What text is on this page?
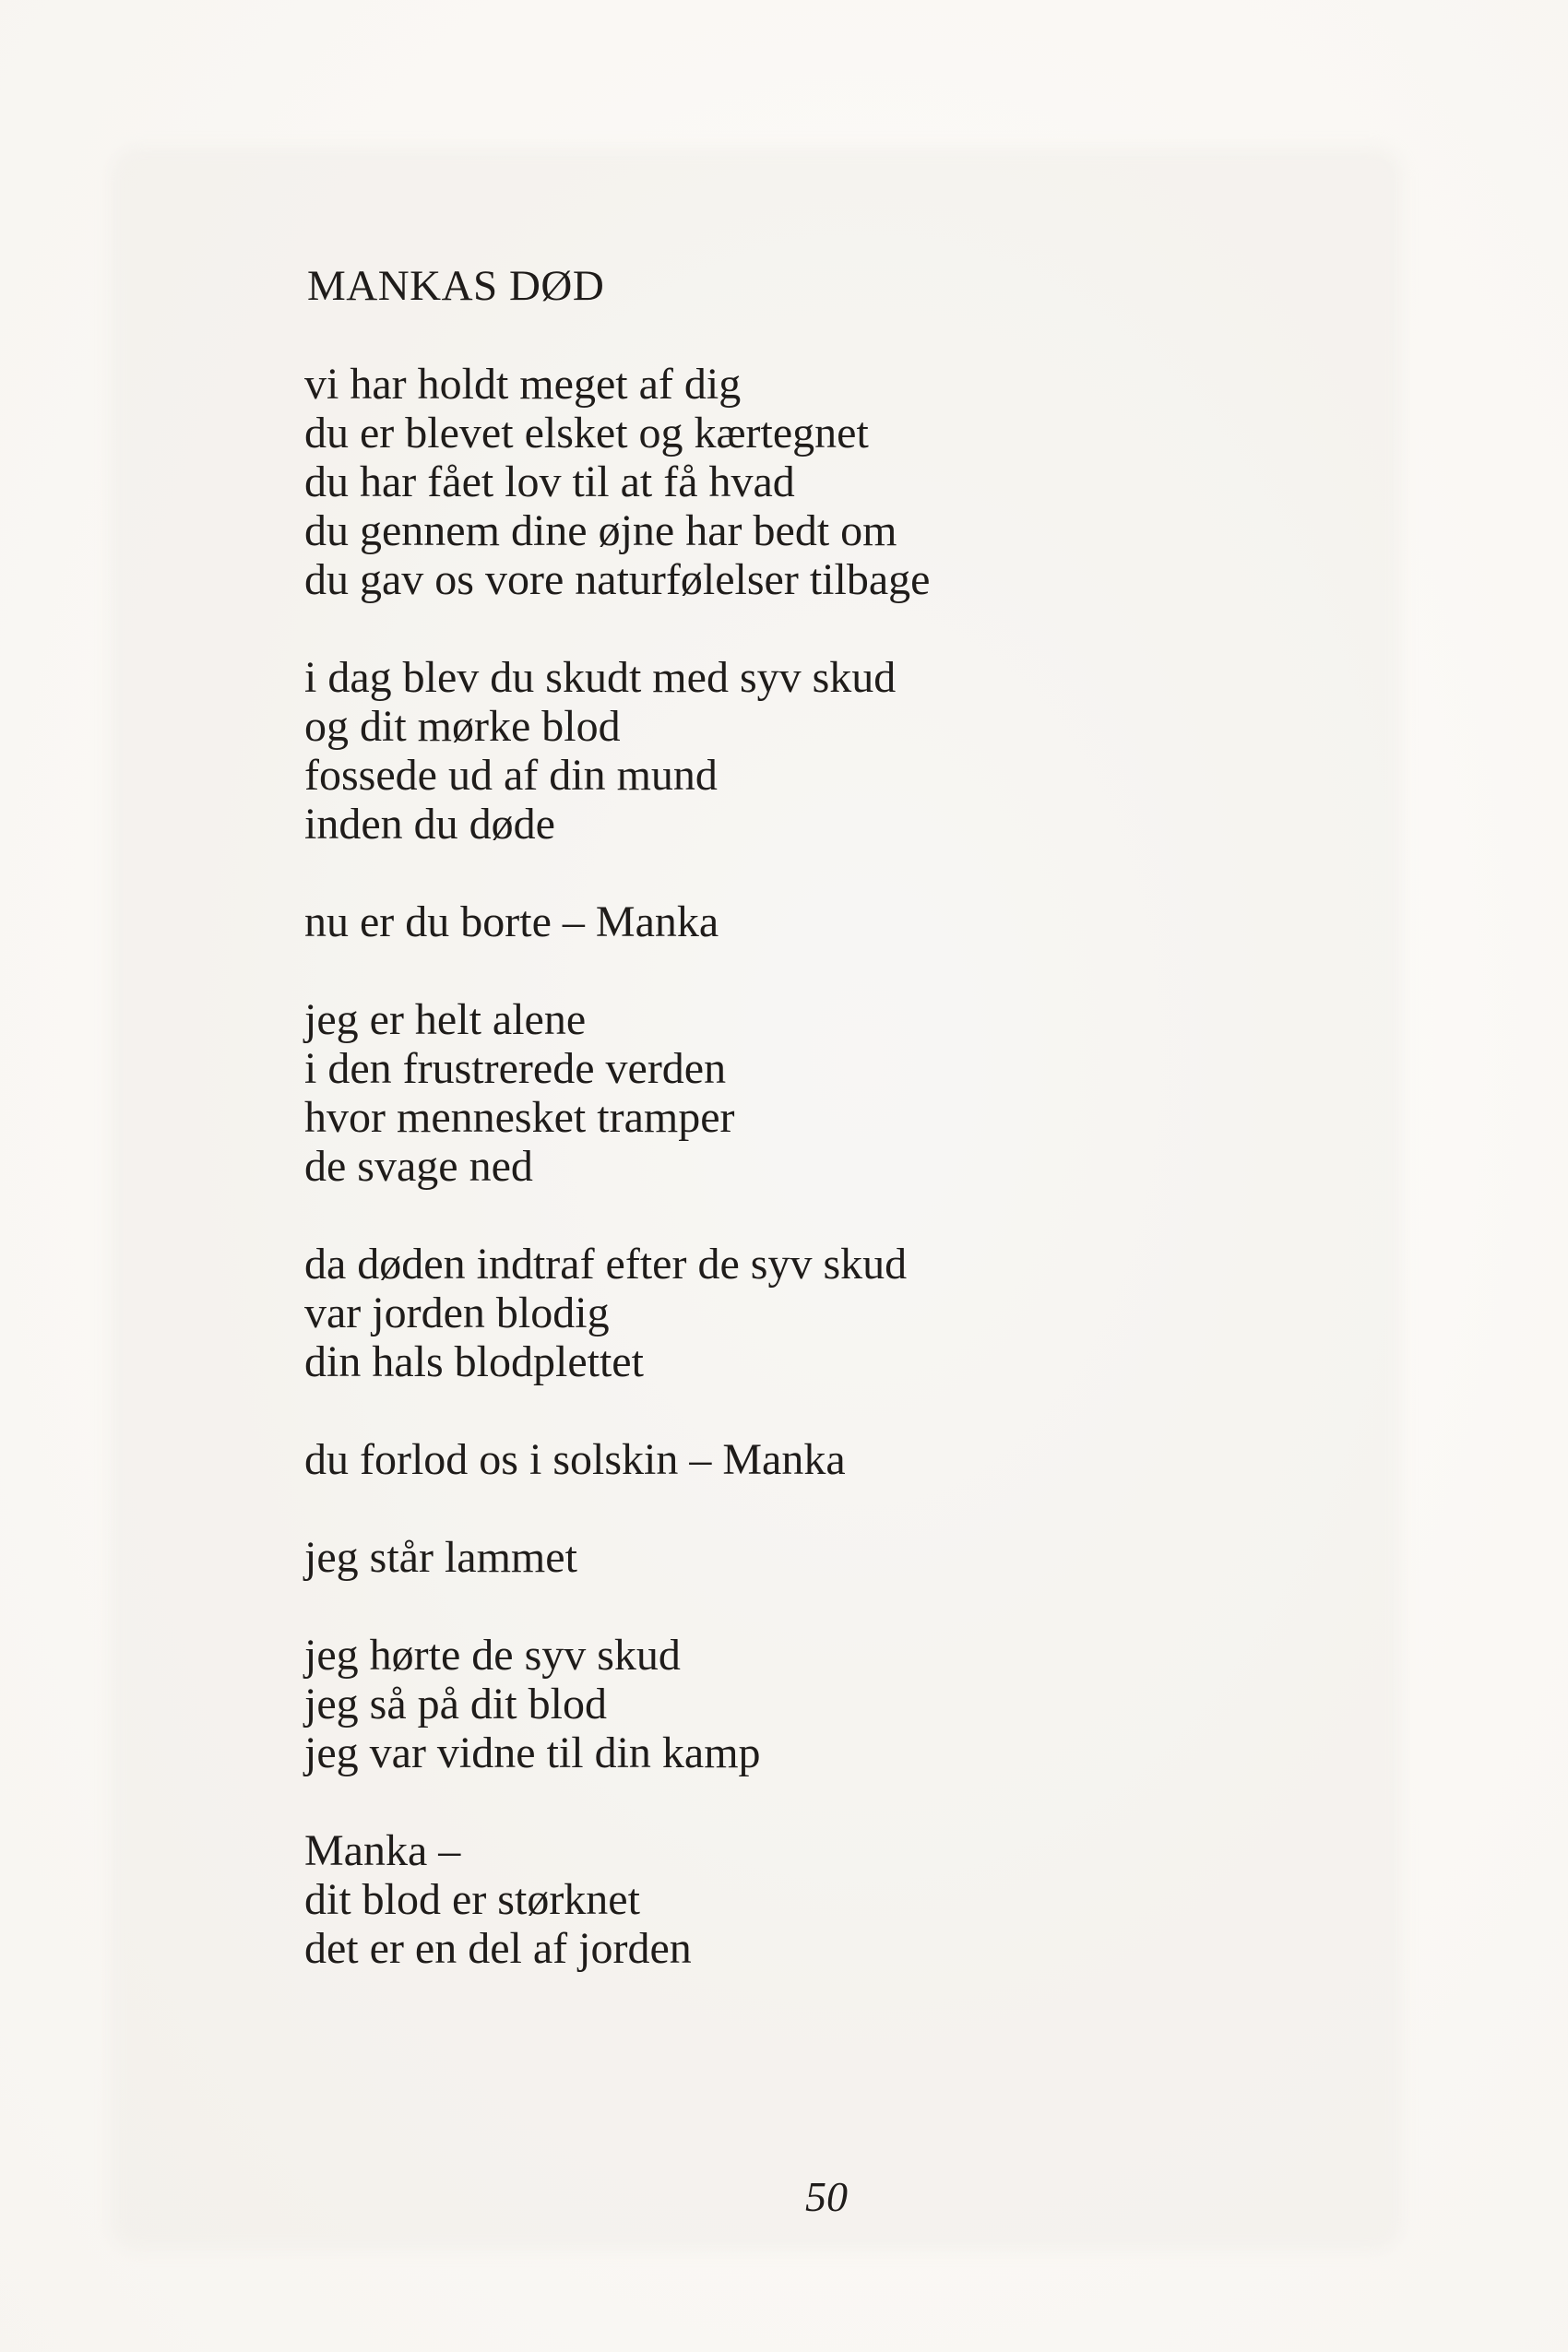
MANKAS DØD
vi har holdt meget af dig
du er blevet elsket og kærtegnet
du har fået lov til at få hvad
du gennem dine øjne har bedt om
du gav os vore naturfølelser tilbage
i dag blev du skudt med syv skud
og dit mørke blod
fossede ud af din mund
inden du døde
nu er du borte – Manka
jeg er helt alene
i den frustrerede verden
hvor mennesket tramper
de svage ned
da døden indtraf efter de syv skud
var jorden blodig
din hals blodplettet
du forlod os i solskin – Manka
jeg står lammet
jeg hørte de syv skud
jeg så på dit blod
jeg var vidne til din kamp
Manka –
dit blod er størknet
det er en del af jorden
50
